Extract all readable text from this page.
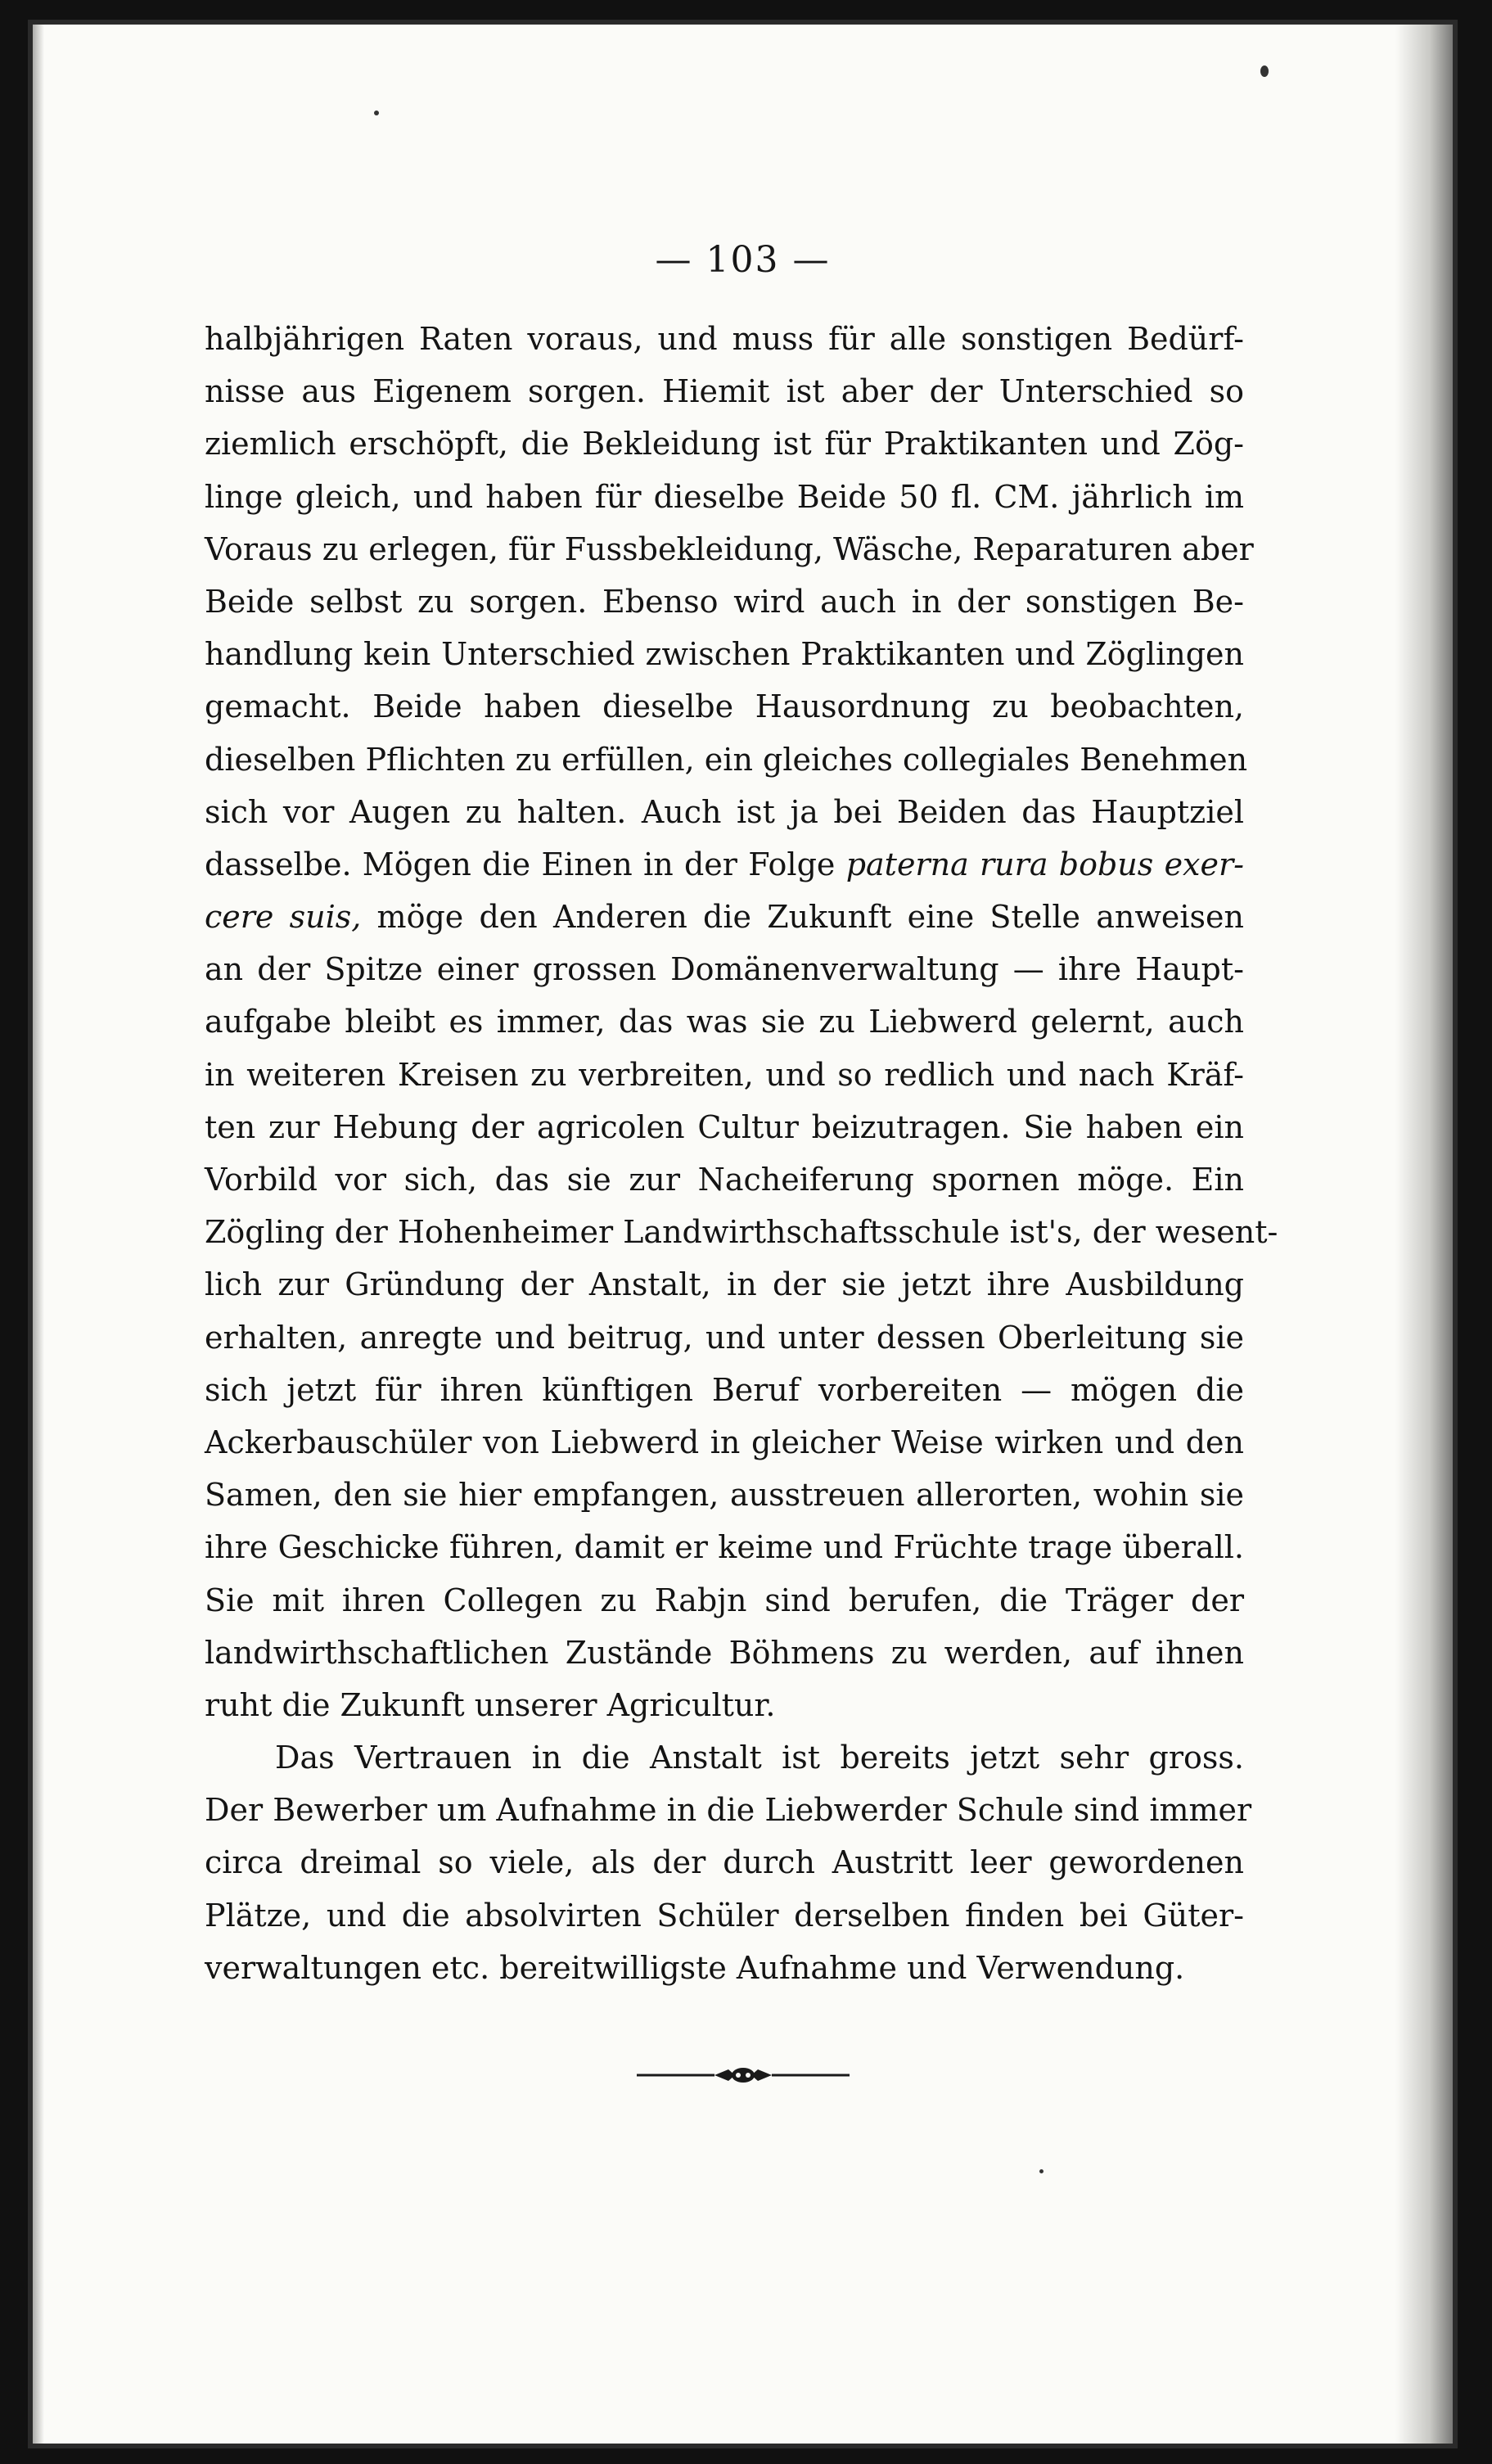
— 103 —
halbjährigen Raten voraus, und muss für alle sonstigen Bedürf-
nisse aus Eigenem sorgen. Hiemit ist aber der Unterschied so
ziemlich erschöpft, die Bekleidung ist für Praktikanten und Zög-
linge gleich, und haben für dieselbe Beide 50 fl. CM. jährlich im
Voraus zu erlegen, für Fussbekleidung, Wäsche, Reparaturen aber
Beide selbst zu sorgen. Ebenso wird auch in der sonstigen Be-
handlung kein Unterschied zwischen Praktikanten und Zöglingen
gemacht. Beide haben dieselbe Hausordnung zu beobachten,
dieselben Pflichten zu erfüllen, ein gleiches collegiales Benehmen
sich vor Augen zu halten. Auch ist ja bei Beiden das Hauptziel
dasselbe. Mögen die Einen in der Folge paterna rura bobus exer-
cere suis, möge den Anderen die Zukunft eine Stelle anweisen
an der Spitze einer grossen Domänenverwaltung — ihre Haupt-
aufgabe bleibt es immer, das was sie zu Liebwerd gelernt, auch
in weiteren Kreisen zu verbreiten, und so redlich und nach Kräf-
ten zur Hebung der agricolen Cultur beizutragen. Sie haben ein
Vorbild vor sich, das sie zur Nacheiferung spornen möge. Ein
Zögling der Hohenheimer Landwirthschaftsschule ist's, der wesent-
lich zur Gründung der Anstalt, in der sie jetzt ihre Ausbildung
erhalten, anregte und beitrug, und unter dessen Oberleitung sie
sich jetzt für ihren künftigen Beruf vorbereiten — mögen die
Ackerbauschüler von Liebwerd in gleicher Weise wirken und den
Samen, den sie hier empfangen, ausstreuen allerorten, wohin sie
ihre Geschicke führen, damit er keime und Früchte trage überall.
Sie mit ihren Collegen zu Rabjn sind berufen, die Träger der
landwirthschaftlichen Zustände Böhmens zu werden, auf ihnen
ruht die Zukunft unserer Agricultur.
Das Vertrauen in die Anstalt ist bereits jetzt sehr gross.
Der Bewerber um Aufnahme in die Liebwerder Schule sind immer
circa dreimal so viele, als der durch Austritt leer gewordenen
Plätze, und die absolvirten Schüler derselben finden bei Güter-
verwaltungen etc. bereitwilligste Aufnahme und Verwendung.
